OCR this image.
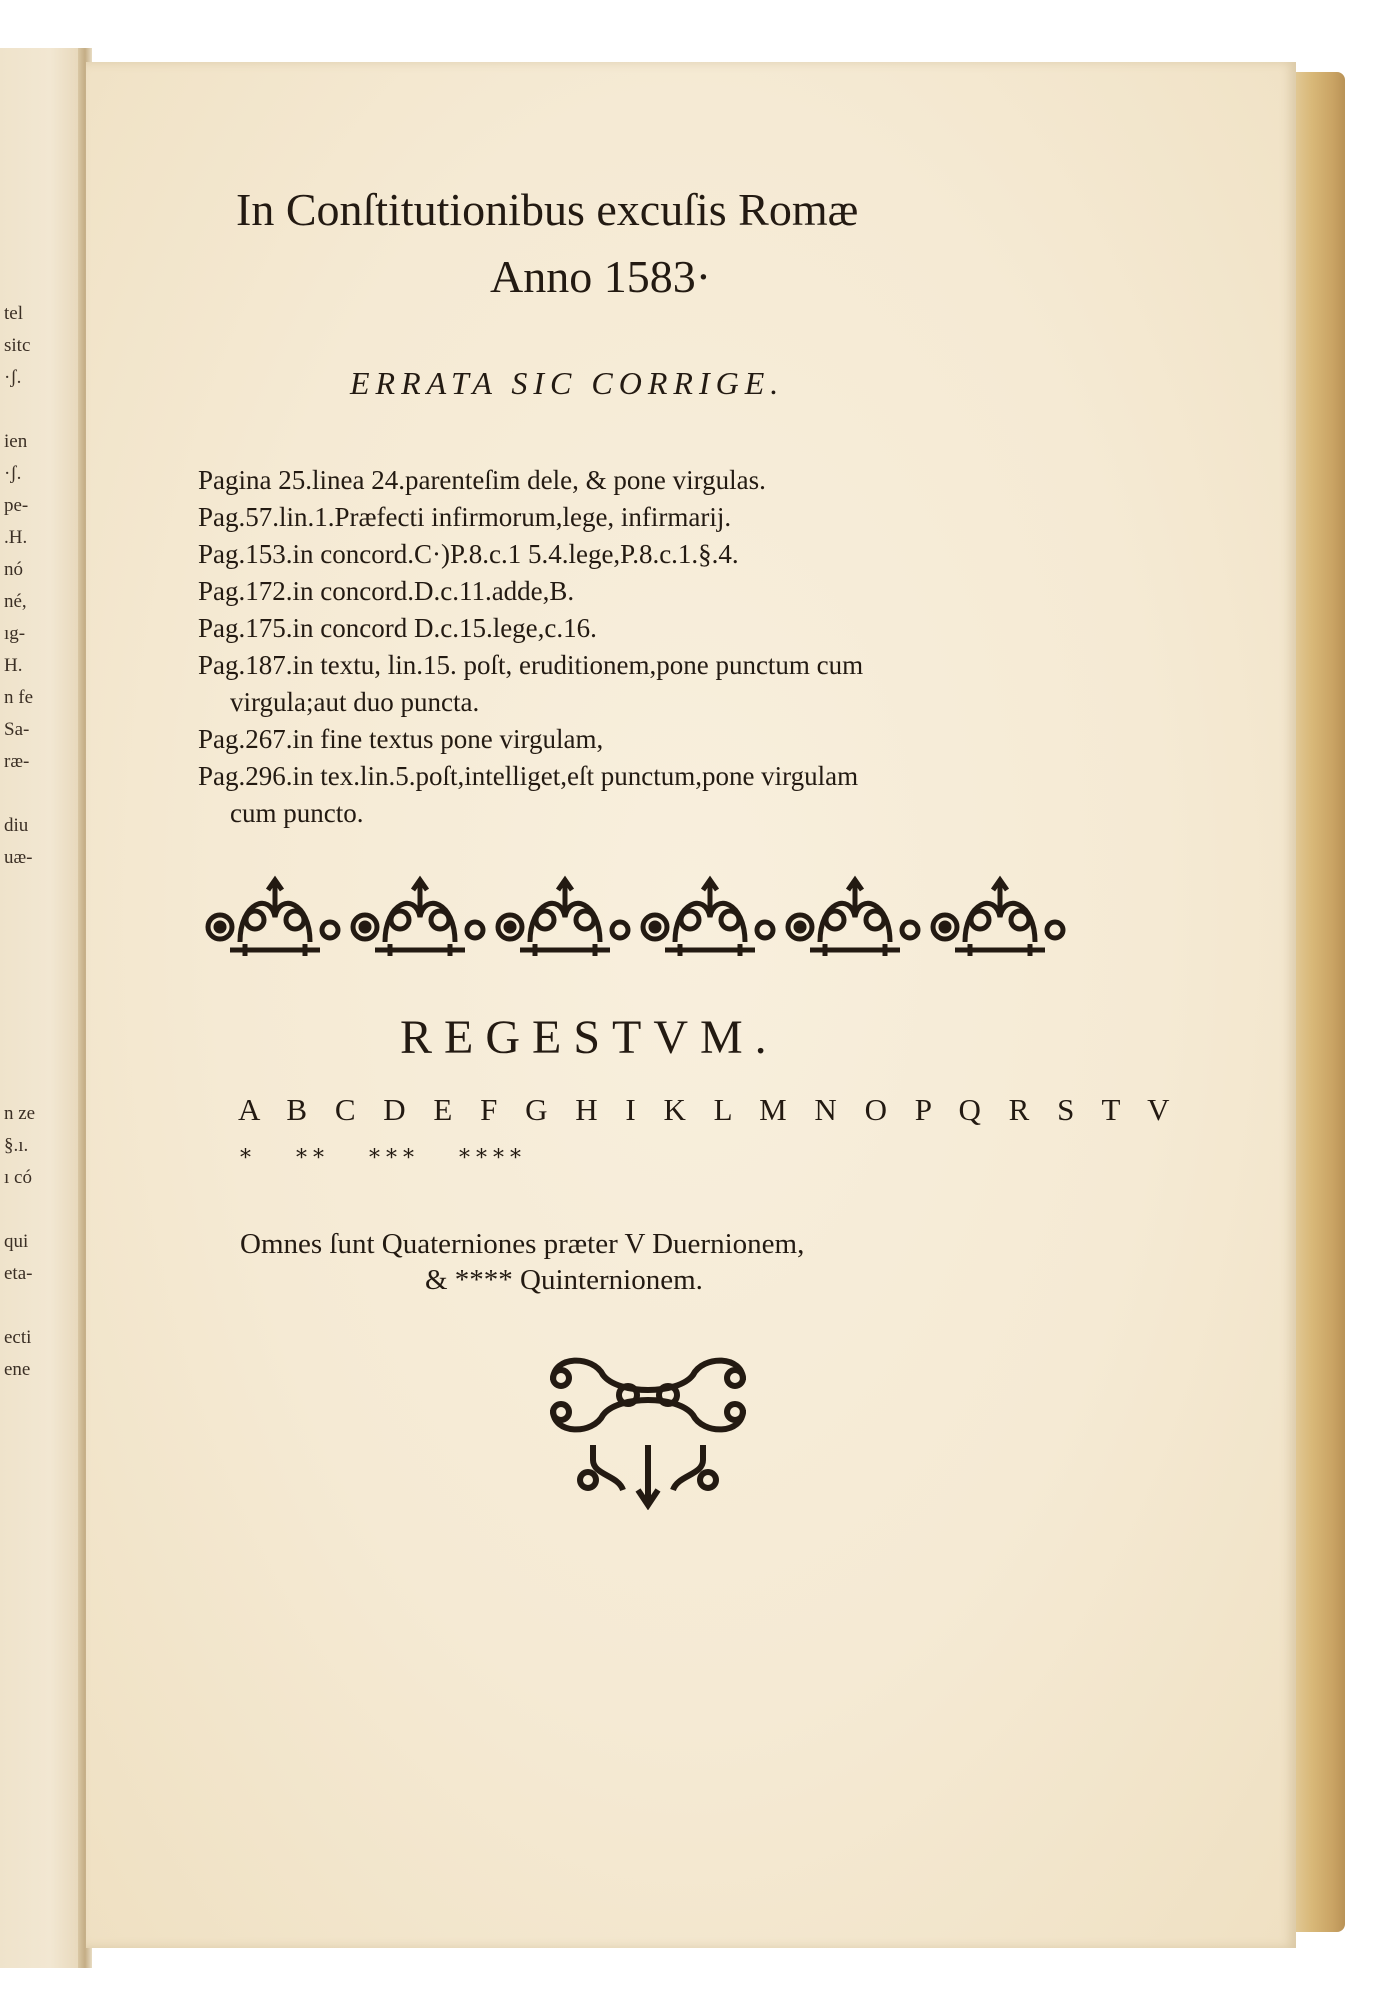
tel
sitc
·ʃ.
ien
·ʃ.
pe-
.H.
nó
né,
ıg-
H.
n fe
Sa-
ræ-
diu
uæ-
n ze
§.ı.
ı có
qui
eta-
ecti
ene
In Conſtitutionibus excuſis Romæ
Anno 1583·
ERRATA SIC CORRIGE.
Pagina 25.linea 24.parenteſim dele, & pone virgulas.
Pag.57.lin.1.Præfecti infirmorum,lege, infirmarij.
Pag.153.in concord.C·)P.8.c.1 5.4.lege,P.8.c.1.§.4.
Pag.172.in concord.D.c.11.adde,B.
Pag.175.in concord D.c.15.lege,c.16.
Pag.187.in textu, lin.15. poſt, eruditionem,pone punctum cum
virgula;aut duo puncta.
Pag.267.in fine textus pone virgulam,
Pag.296.in tex.lin.5.poſt,intelliget,eſt punctum,pone virgulam
cum puncto.
REGESTVM.
A B C D E F G H I K L M N O P Q R S T V
* ** *** ****
Omnes ſunt Quaterniones præter V Duernionem,
& **** Quinternionem.
